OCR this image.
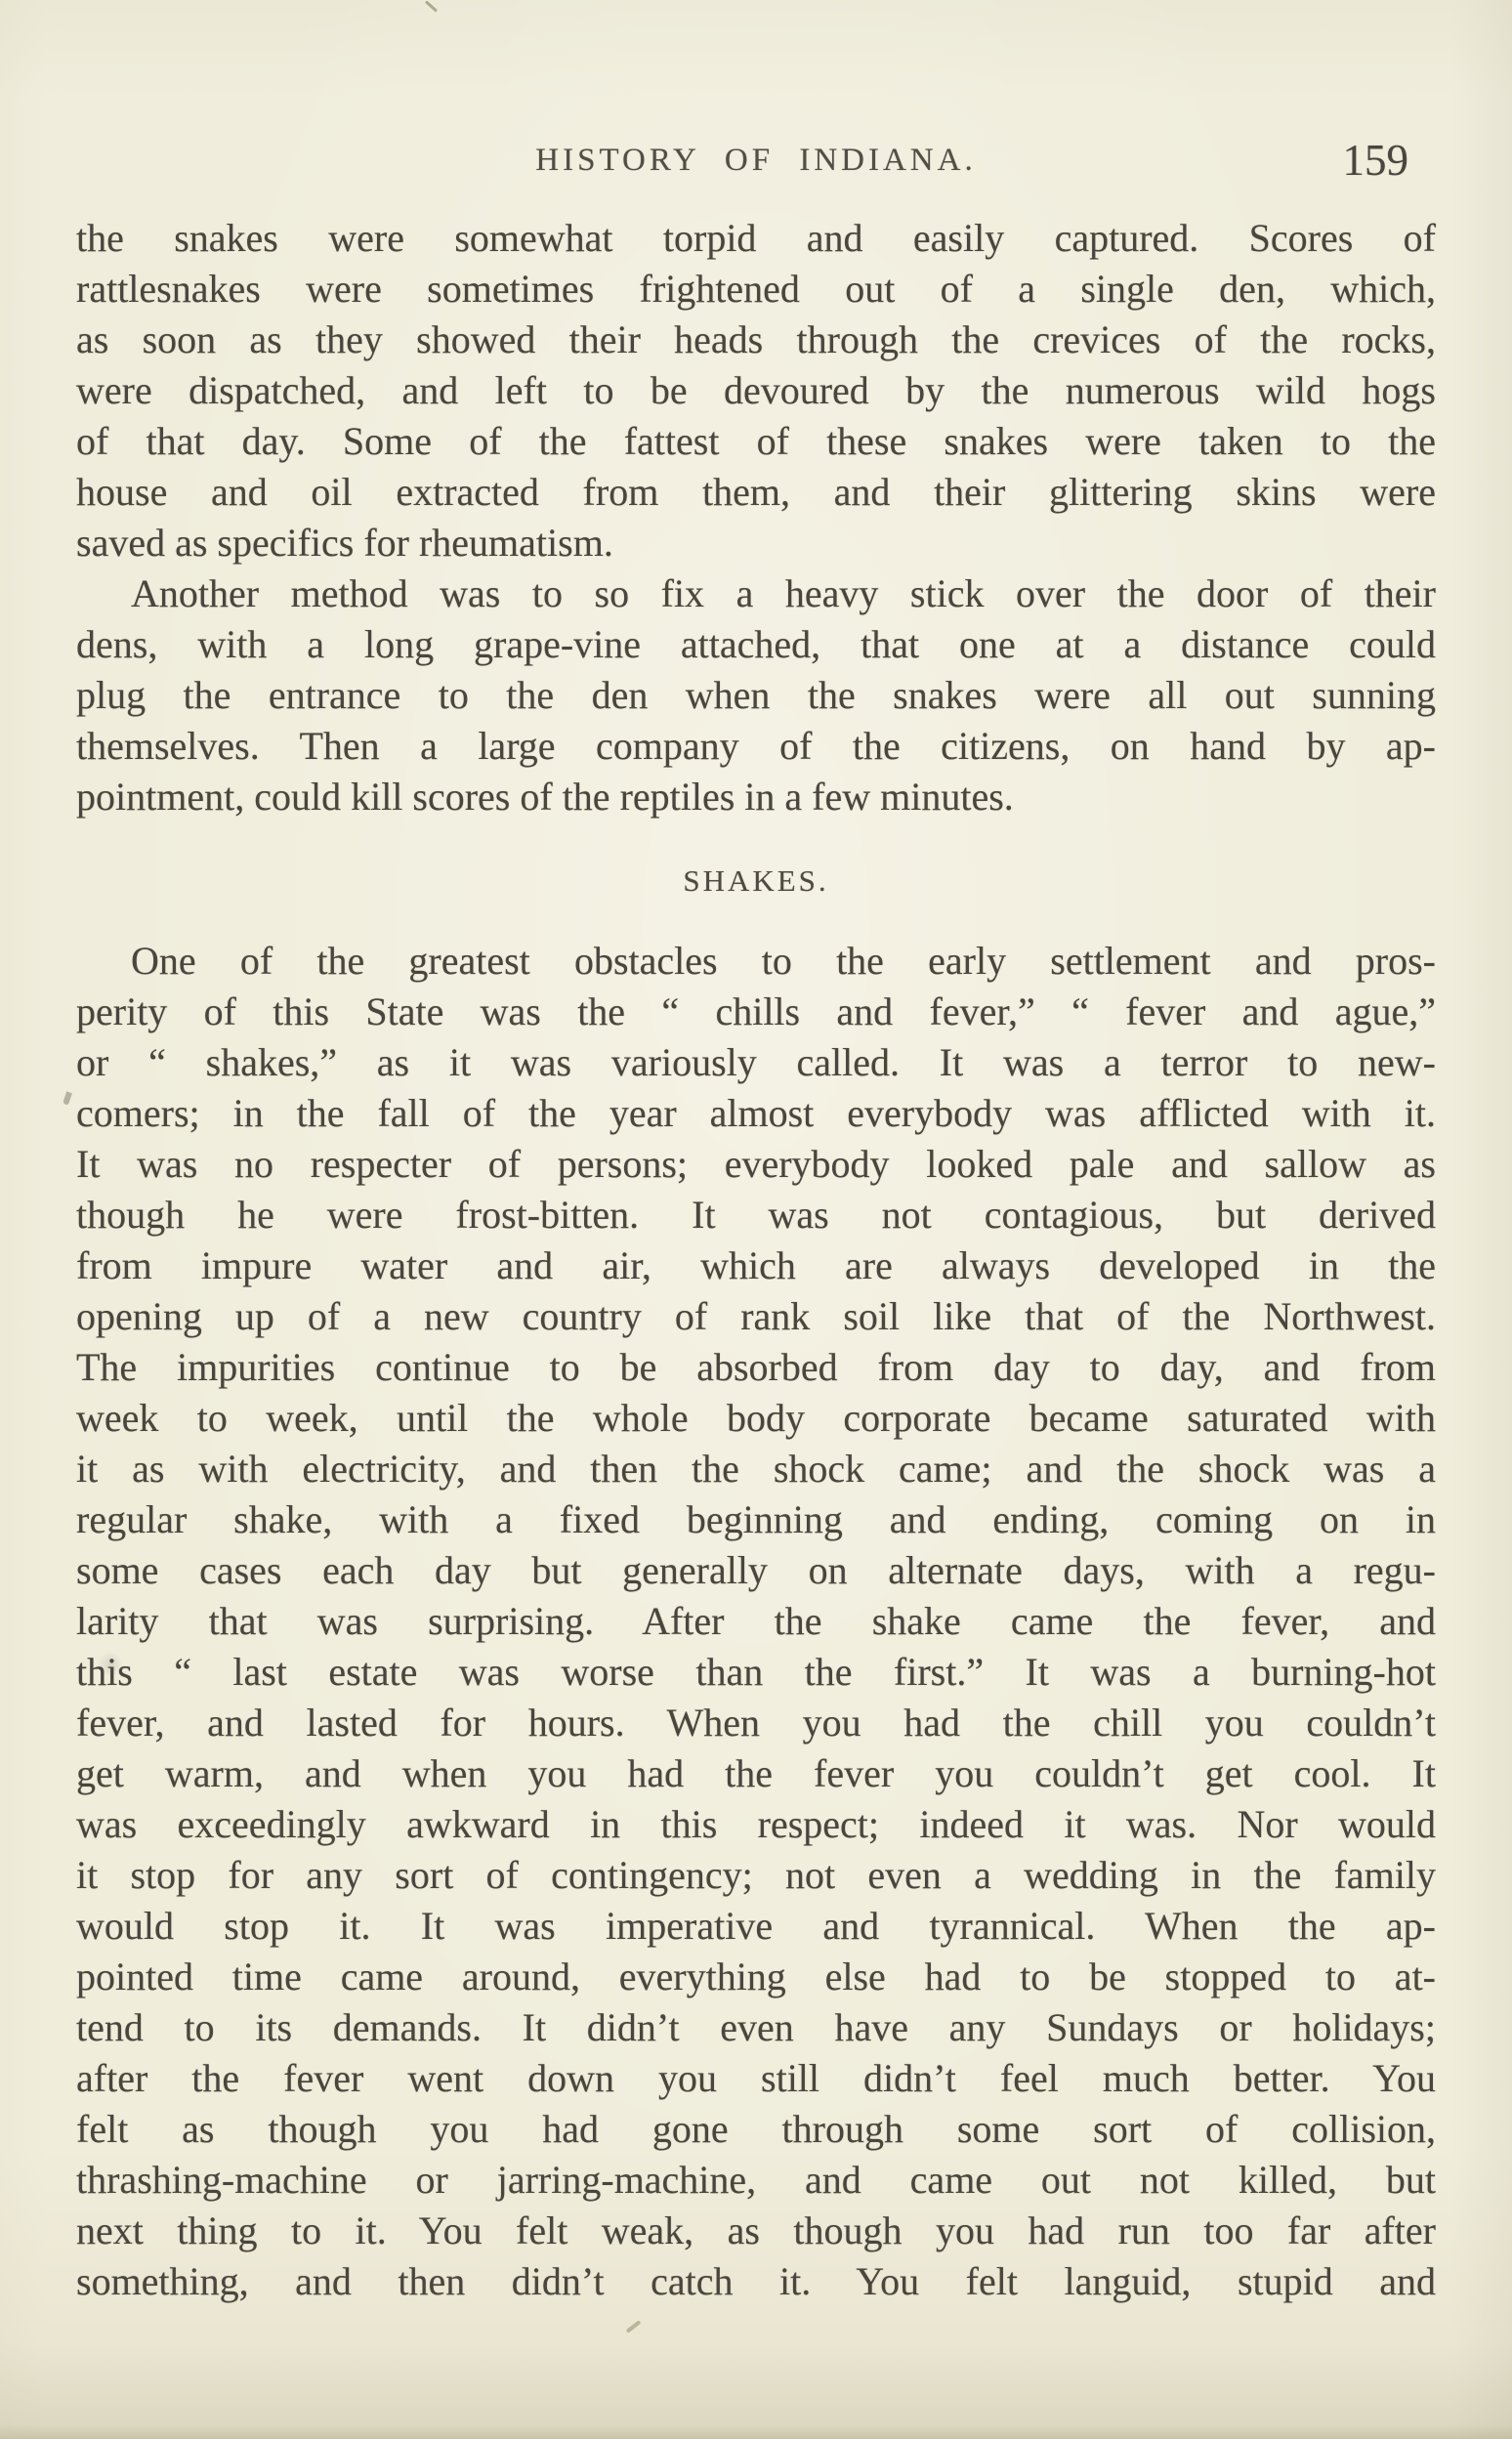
HISTORY OF INDIANA.	159
the snakes were somewhat torpid and easily captured. Scores of
rattlesnakes were sometimes frightened out of a single den, which,
as soon as they showed their heads through the crevices of the rocks,
were dispatched, and left to be devoured by the numerous wild hogs
of that day. Some of the fattest of these snakes were taken to the
house and oil extracted from them, and their glittering skins were
saved as specifics for rheumatism.
Another method was to so fix a heavy stick over the door of their
dens, with a long grape-vine attached, that one at a distance could
plug the entrance to the den when the snakes were all out sunning
themselves. Then a large company of the citizens, on hand by ap-
pointment, could kill scores of the reptiles in a few minutes.
SHAKES.
One of the greatest obstacles to the early settlement and pros-
perity of this State was the “ chills and fever,” “ fever and ague,”
or “ shakes,” as it was variously called. It was a terror to new-
comers; in the fall of the year almost everybody was afflicted with it.
It was no respecter of persons; everybody looked pale and sallow as
though he were frost-bitten. It was not contagious, but derived
from impure water and air, which are always developed in the
opening up of a new country of rank soil like that of the Northwest.
The impurities continue to be absorbed from day to day, and from
week to week, until the whole body corporate became saturated with
it as with electricity, and then the shock came; and the shock was a
regular shake, with a fixed beginning and ending, coming on in
some cases each day but generally on alternate days, with a regu-
larity that was surprising. After the shake came the fever, and
this “ last estate was worse than the first.” It was a burning-hot
fever, and lasted for hours. When you had the chill you couldn’t
get warm, and when you had the fever you couldn’t get cool. It
was exceedingly awkward in this respect; indeed it was. Nor would
it stop for any sort of contingency; not even a wedding in the family
would stop it. It was imperative and tyrannical. When the ap-
pointed time came around, everything else had to be stopped to at-
tend to its demands. It didn’t even have any Sundays or holidays;
after the fever went down you still didn’t feel much better. You
felt as though you had gone through some sort of collision,
thrashing-machine or jarring-machine, and came out not killed, but
next thing to it. You felt weak, as though you had run too far after
something, and then didn’t catch it. You felt languid, stupid and
